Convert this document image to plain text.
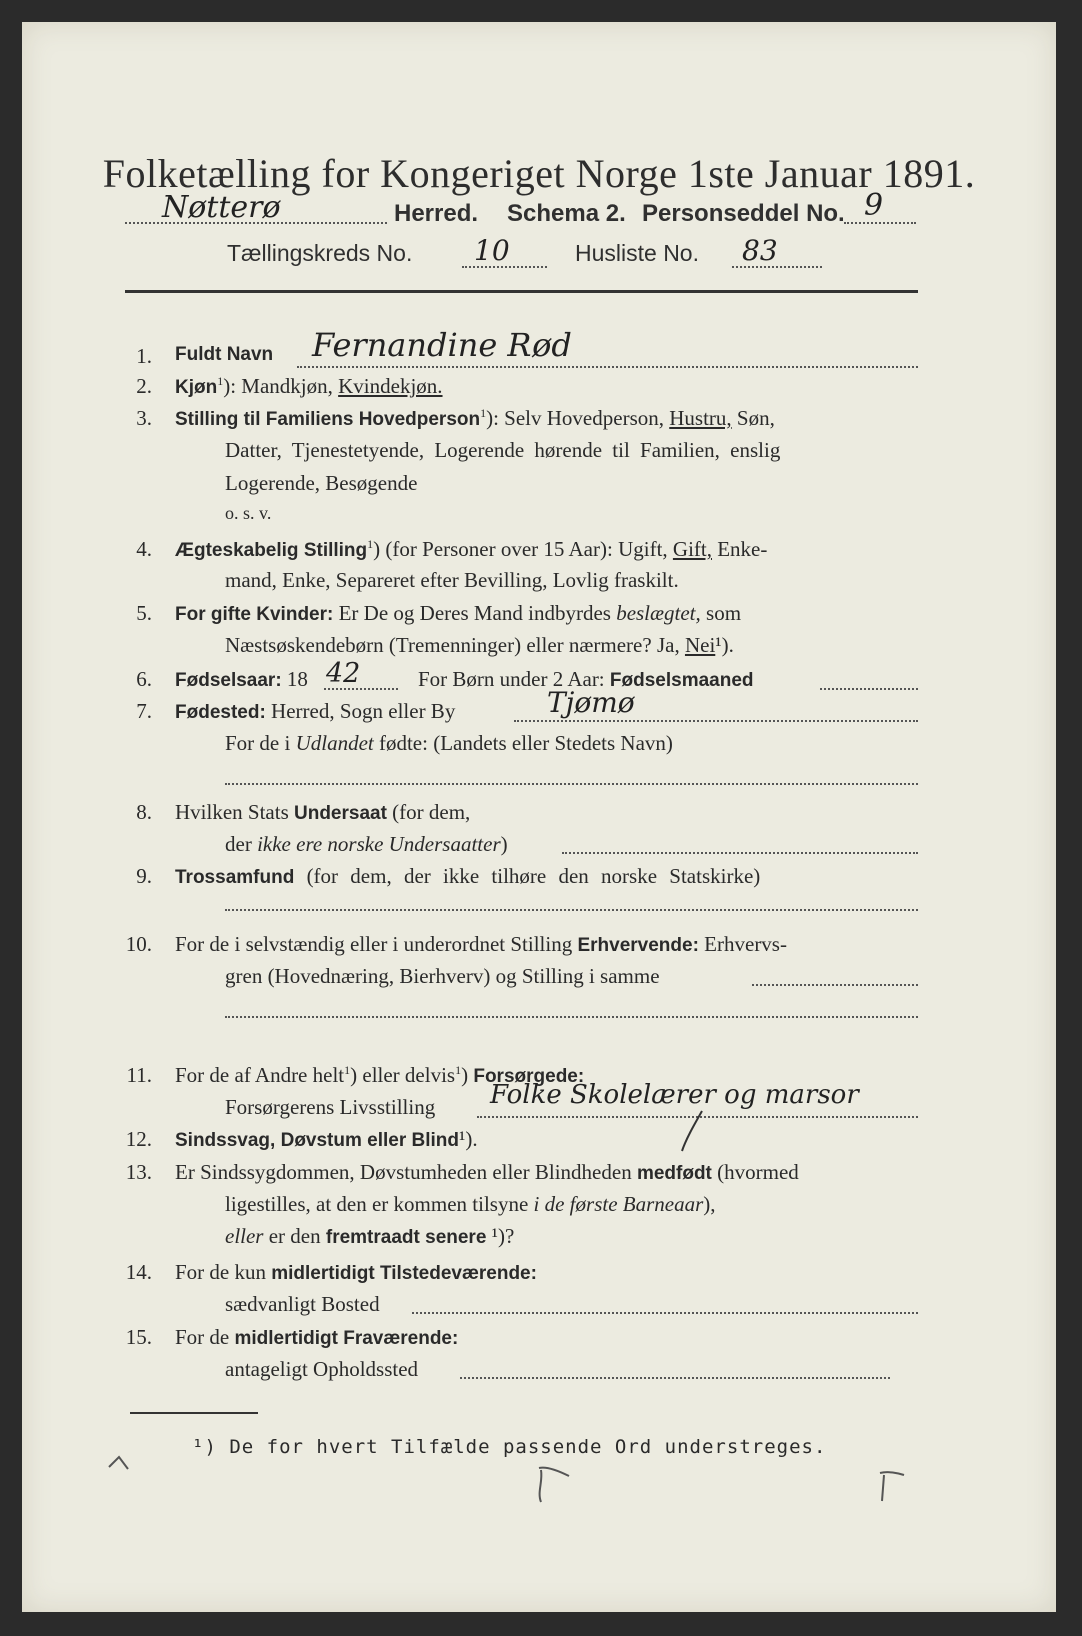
Folketælling for Kongeriget Norge 1ste Januar 1891.
Nøtterø	Herred. Schema 2. Personseddel No. 9
Tællingskreds No. 10	Husliste No. 83
1. Fuldt Navn Fernandine Rød
2. Kjøn$^1$): Mandkjøn, Kvindekjøn.
3. Stilling til Familiens Hovedperson$^1$): Selv Hovedperson, Hustru, Søn,
Datter, Tjenestetyende, Logerende hørende til Familien, enslig
Logerende, Besøgende
o. s. v.
4. Ægteskabelig Stilling$^1$) (for Personer over 15 Aar): Ugift, Gift, Enke-
mand, Enke, Separeret efter Bevilling, Lovlig fraskilt.
5. For gifte Kvinder: Er De og Deres Mand indbyrdes beslægtet, som
Næstsøskendebørn (Tremenninger) eller nærmere? Ja, Nei¹).
6. Fødselsaar: 18 42	For Børn under 2 Aar: Fødselsmaaned
7. Fødested: Herred, Sogn eller By	Tjømø
For de i Udlandet fødte: (Landets eller Stedets Navn)
8. Hvilken Stats Undersaat (for dem,
der ikke ere norske Undersaatter)
9. Trossamfund (for dem, der ikke tilhøre den norske Statskirke)
10. For de i selvstændig eller i underordnet Stilling Erhvervende: Erhvervs-
gren (Hovednæring, Bierhverv) og Stilling i samme
11. For de af Andre helt$^1$) eller delvis$^1$) Forsørgede:
Forsørgerens Livsstilling Folke Skolelærer og marsor
12. Sindssvag, Døvstum eller Blind¹).
13. Er Sindssygdommen, Døvstumheden eller Blindheden medfødt (hvormed
ligestilles, at den er kommen tilsyne i de første Barneaar),
eller er den fremtraadt senere ¹)?
14. For de kun midlertidigt Tilstedeværende:
sædvanligt Bosted
15. For de midlertidigt Fraværende:
antageligt Opholdssted
¹) De for hvert Tilfælde passende Ord understreges.
